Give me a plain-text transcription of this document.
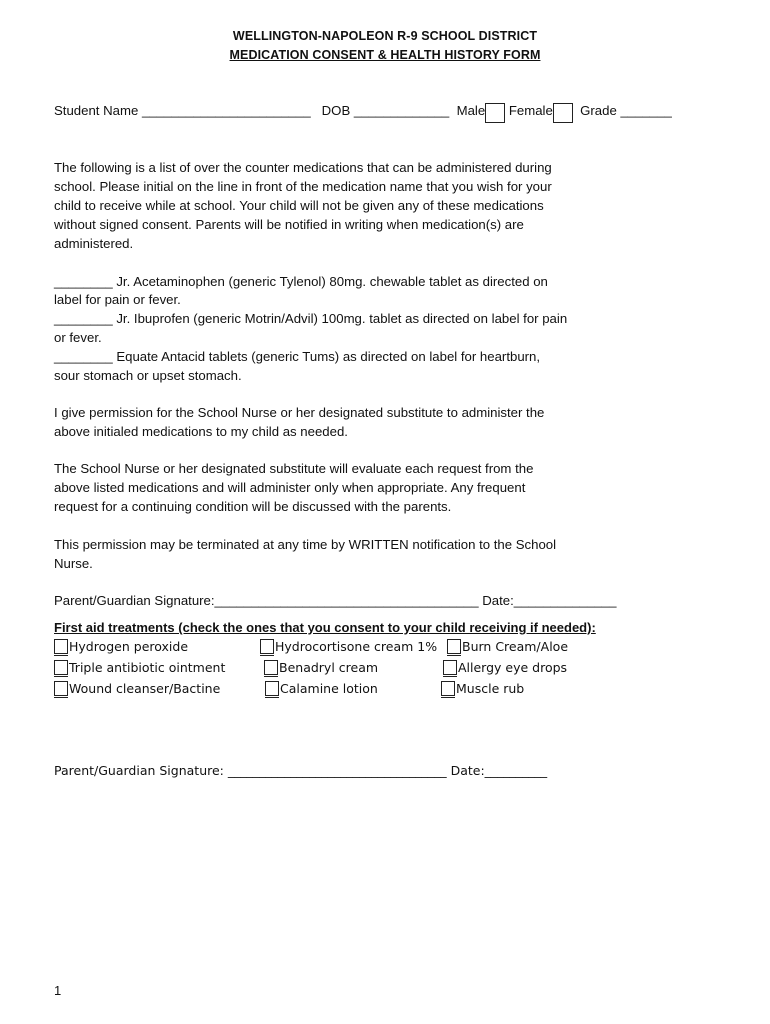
WELLINGTON-NAPOLEON R-9 SCHOOL DISTRICT
MEDICATION CONSENT & HEALTH HISTORY FORM
Student Name _______________________ DOB _____________ Male Female Grade _______
The following is a list of over the counter medications that can be administered during
school. Please initial on the line in front of the medication name that you wish for your
child to receive while at school. Your child will not be given any of these medications
without signed consent. Parents will be notified in writing when medication(s) are
administered.
________ Jr. Acetaminophen (generic Tylenol) 80mg. chewable tablet as directed on
label for pain or fever.
________ Jr. Ibuprofen (generic Motrin/Advil) 100mg. tablet as directed on label for pain
or fever.
________ Equate Antacid tablets (generic Tums) as directed on label for heartburn,
sour stomach or upset stomach.
I give permission for the School Nurse or her designated substitute to administer the
above initialed medications to my child as needed.
The School Nurse or her designated substitute will evaluate each request from the
above listed medications and will administer only when appropriate. Any frequent
request for a continuing condition will be discussed with the parents.
This permission may be terminated at any time by WRITTEN notification to the School
Nurse.
Parent/Guardian Signature:____________________________________ Date:______________
First aid treatments (check the ones that you consent to your child receiving if needed):
Hydrogen peroxide	Hydrocortisone cream 1%	Burn Cream/Aloe
Triple antibiotic ointment	Benadryl cream	Allergy eye drops
Wound cleanser/Bactine	Calamine lotion	Muscle rub
Parent/Guardian Signature: ___________________________________ Date:__________
1
